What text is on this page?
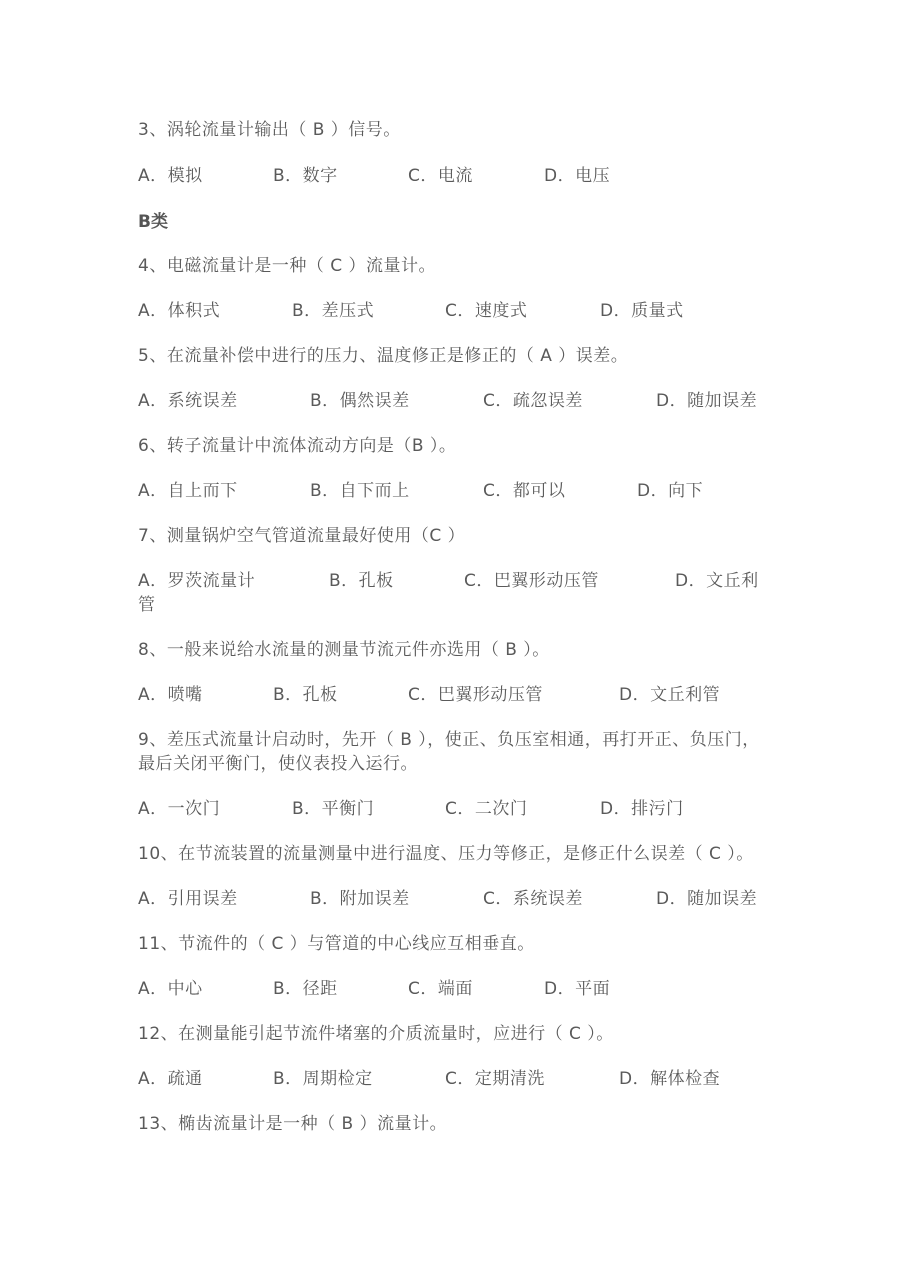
3、涡轮流量计输出（ B ）信号。
A．模拟	B．数字	C．电流	D．电压
B类
4、电磁流量计是一种（ C ）流量计。
A．体积式	B．差压式	C．速度式	D．质量式
5、在流量补偿中进行的压力、温度修正是修正的（ A ）误差。
A．系统误差	B．偶然误差	C．疏忽误差	D．随加误差
6、转子流量计中流体流动方向是（B ）。
A．自上而下	B．自下而上	C．都可以	D．向下
7、测量锅炉空气管道流量最好使用（C ）
A．罗茨流量计	B．孔板	C．巴翼形动压管	D．文丘利
管
8、一般来说给水流量的测量节流元件亦选用（ B ）。
A．喷嘴	B．孔板	C．巴翼形动压管	D．文丘利管
9、差压式流量计启动时，先开（ B ），使正、负压室相通，再打开正、负压门，最后关闭平衡门，使仪表投入运行。
A．一次门	B．平衡门	C．二次门	D．排污门
10、在节流装置的流量测量中进行温度、压力等修正，是修正什么误差（ C ）。
A．引用误差	B．附加误差	C．系统误差	D．随加误差
11、节流件的（ C ）与管道的中心线应互相垂直。
A．中心	B．径距	C．端面	D．平面
12、在测量能引起节流件堵塞的介质流量时，应进行（ C ）。
A．疏通	B．周期检定	C．定期清洗	D．解体检查
13、椭齿流量计是一种（ B ）流量计。
